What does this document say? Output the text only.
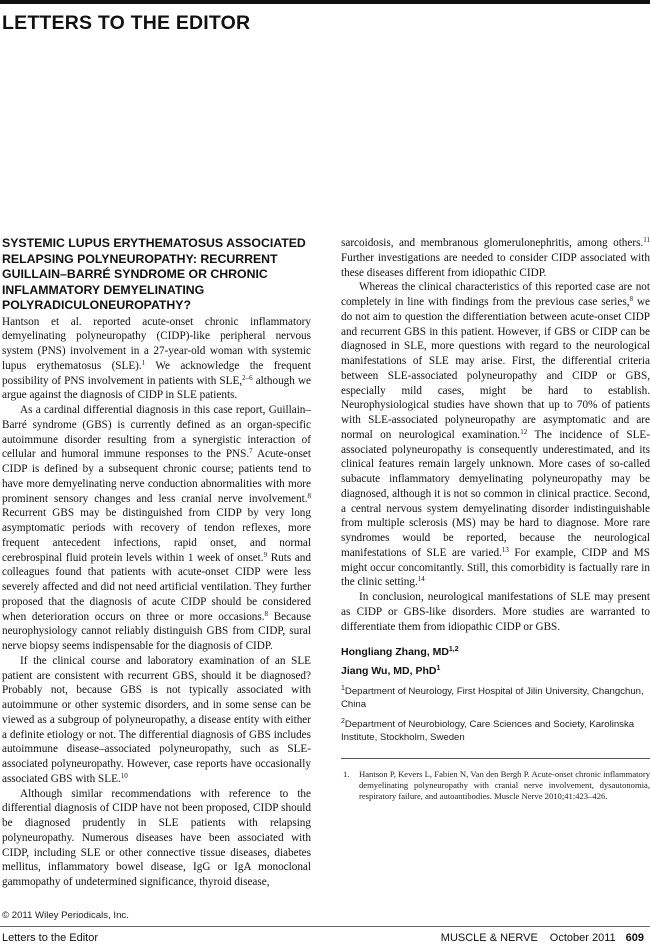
LETTERS TO THE EDITOR
SYSTEMIC LUPUS ERYTHEMATOSUS ASSOCIATED RELAPSING POLYNEUROPATHY: RECURRENT GUILLAIN–BARRÉ SYNDROME OR CHRONIC INFLAMMATORY DEMYELINATING POLYRADICULONEUROPATHY?

Hantson et al. reported acute-onset chronic inflammatory demyelinating polyneuropathy (CIDP)-like peripheral nervous system (PNS) involvement in a 27-year-old woman with systemic lupus erythematosus (SLE).$^1$ We acknowledge the frequent possibility of PNS involvement in patients with SLE,$^{2-6}$ although we argue against the diagnosis of CIDP in SLE patients.

As a cardinal differential diagnosis in this case report, Guillain–Barré syndrome (GBS) is currently defined as an organ-specific autoimmune disorder resulting from a synergistic interaction of cellular and humoral immune responses to the PNS.$^7$ Acute-onset CIDP is defined by a subsequent chronic course; patients tend to have more demyelinating nerve conduction abnormalities with more prominent sensory changes and less cranial nerve involvement.$^8$ Recurrent GBS may be distinguished from CIDP by very long asymptomatic periods with recovery of tendon reflexes, more frequent antecedent infections, rapid onset, and normal cerebrospinal fluid protein levels within 1 week of onset.$^9$ Ruts and colleagues found that patients with acute-onset CIDP were less severely affected and did not need artificial ventilation. They further proposed that the diagnosis of acute CIDP should be considered when deterioration occurs on three or more occasions.$^8$ Because neurophysiology cannot reliably distinguish GBS from CIDP, sural nerve biopsy seems indispensable for the diagnosis of CIDP.

If the clinical course and laboratory examination of an SLE patient are consistent with recurrent GBS, should it be diagnosed? Probably not, because GBS is not typically associated with autoimmune or other systemic disorders, and in some sense can be viewed as a subgroup of polyneuropathy, a disease entity with either a definite etiology or not. The differential diagnosis of GBS includes autoimmune disease–associated polyneuropathy, such as SLE-associated polyneuropathy. However, case reports have occasionally associated GBS with SLE.$^{10}$

Although similar recommendations with reference to the differential diagnosis of CIDP have not been proposed, CIDP should be diagnosed prudently in SLE patients with relapsing polyneuropathy. Numerous diseases have been associated with CIDP, including SLE or other connective tissue diseases, diabetes mellitus, inflammatory bowel disease, IgG or IgA monoclonal gammopathy of undetermined significance, thyroid disease,

sarcoidosis, and membranous glomerulonephritis, among others.$^{11}$ Further investigations are needed to consider CIDP associated with these diseases different from idiopathic CIDP.

Whereas the clinical characteristics of this reported case are not completely in line with findings from the previous case series,$^8$ we do not aim to question the differentiation between acute-onset CIDP and recurrent GBS in this patient. However, if GBS or CIDP can be diagnosed in SLE, more questions with regard to the neurological manifestations of SLE may arise. First, the differential criteria between SLE-associated polyneuropathy and CIDP or GBS, especially mild cases, might be hard to establish. Neurophysiological studies have shown that up to 70% of patients with SLE-associated polyneuropathy are asymptomatic and are normal on neurological examination.$^{12}$ The incidence of SLE-associated polyneuropathy is consequently underestimated, and its clinical features remain largely unknown. More cases of so-called subacute inflammatory demyelinating polyneuropathy may be diagnosed, although it is not so common in clinical practice. Second, a central nervous system demyelinating disorder indistinguishable from multiple sclerosis (MS) may be hard to diagnose. More rare syndromes would be reported, because the neurological manifestations of SLE are varied.$^{13}$ For example, CIDP and MS might occur concomitantly. Still, this comorbidity is factually rare in the clinic setting.$^{14}$

In conclusion, neurological manifestations of SLE may present as CIDP or GBS-like disorders. More studies are warranted to differentiate them from idiopathic CIDP or GBS.

Hongliang Zhang, MD$^{1,2}$
Jiang Wu, MD, PhD$^1$
$^1$Department of Neurology, First Hospital of Jilin University, Changchun, China
$^2$Department of Neurobiology, Care Sciences and Society, Karolinska Institute, Stockholm, Sweden
1. Hantson P, Kevers L, Fabien N, Van den Bergh P. Acute-onset chronic inflammatory demyelinating polyneuropathy with cranial nerve involvement, dysautonomia, respiratory failure, and autoantibodies. Muscle Nerve 2010;41:423–426.
© 2011 Wiley Periodicals, Inc.
Letters to the Editor	MUSCLE & NERVE October 2011 609
